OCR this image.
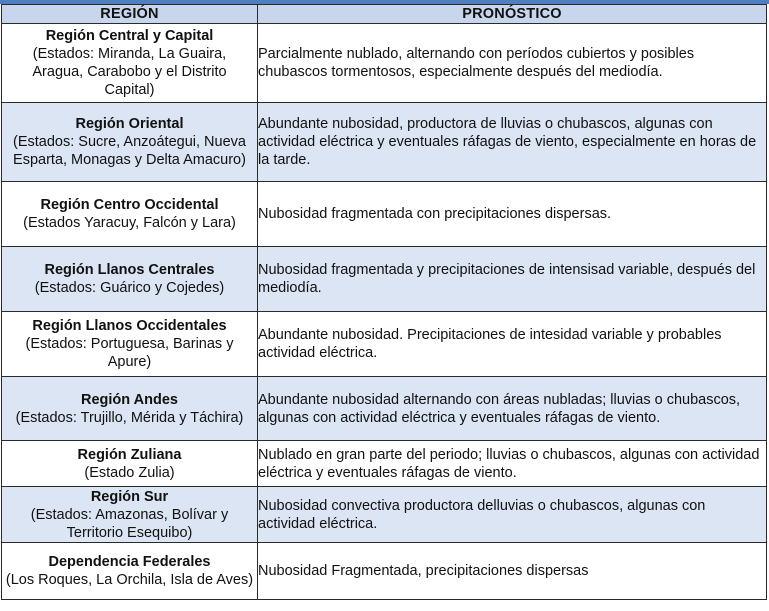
REGIÓN	PRONÓSTICO

Región Central y Capital
(Estados: Miranda, La Guaira, Aragua, Carabobo y el Distrito Capital)	Parcialmente nublado, alternando con períodos cubiertos y posibles chubascos tormentosos, especialmente después del mediodía.

Región Oriental
(Estados: Sucre, Anzoátegui, Nueva Esparta, Monagas y Delta Amacuro)	Abundante nubosidad, productora de lluvias o chubascos, algunas con actividad eléctrica y eventuales ráfagas de viento, especialmente en horas de la tarde.

Región Centro Occidental
(Estados Yaracuy, Falcón y Lara)	Nubosidad fragmentada con precipitaciones dispersas.

Región Llanos Centrales
(Estados: Guárico y Cojedes)	Nubosidad fragmentada y precipitaciones de intensisad variable, después del mediodía.

Región Llanos Occidentales
(Estados: Portuguesa, Barinas y Apure)	Abundante nubosidad. Precipitaciones de intesidad variable y probables actividad eléctrica.

Región Andes
(Estados: Trujillo, Mérida y Táchira)	Abundante nubosidad alternando con áreas nubladas; lluvias o chubascos, algunas con actividad eléctrica y eventuales ráfagas de viento.

Región Zuliana
(Estado Zulia)	Nublado en gran parte del periodo; lluvias o chubascos, algunas con actividad eléctrica y eventuales ráfagas de viento.

Región Sur
(Estados: Amazonas, Bolívar y Territorio Esequibo)	Nubosidad convectiva productora delluvias o chubascos, algunas con actividad eléctrica.

Dependencia Federales
(Los Roques, La Orchila, Isla de Aves)	Nubosidad Fragmentada, precipitaciones dispersas
